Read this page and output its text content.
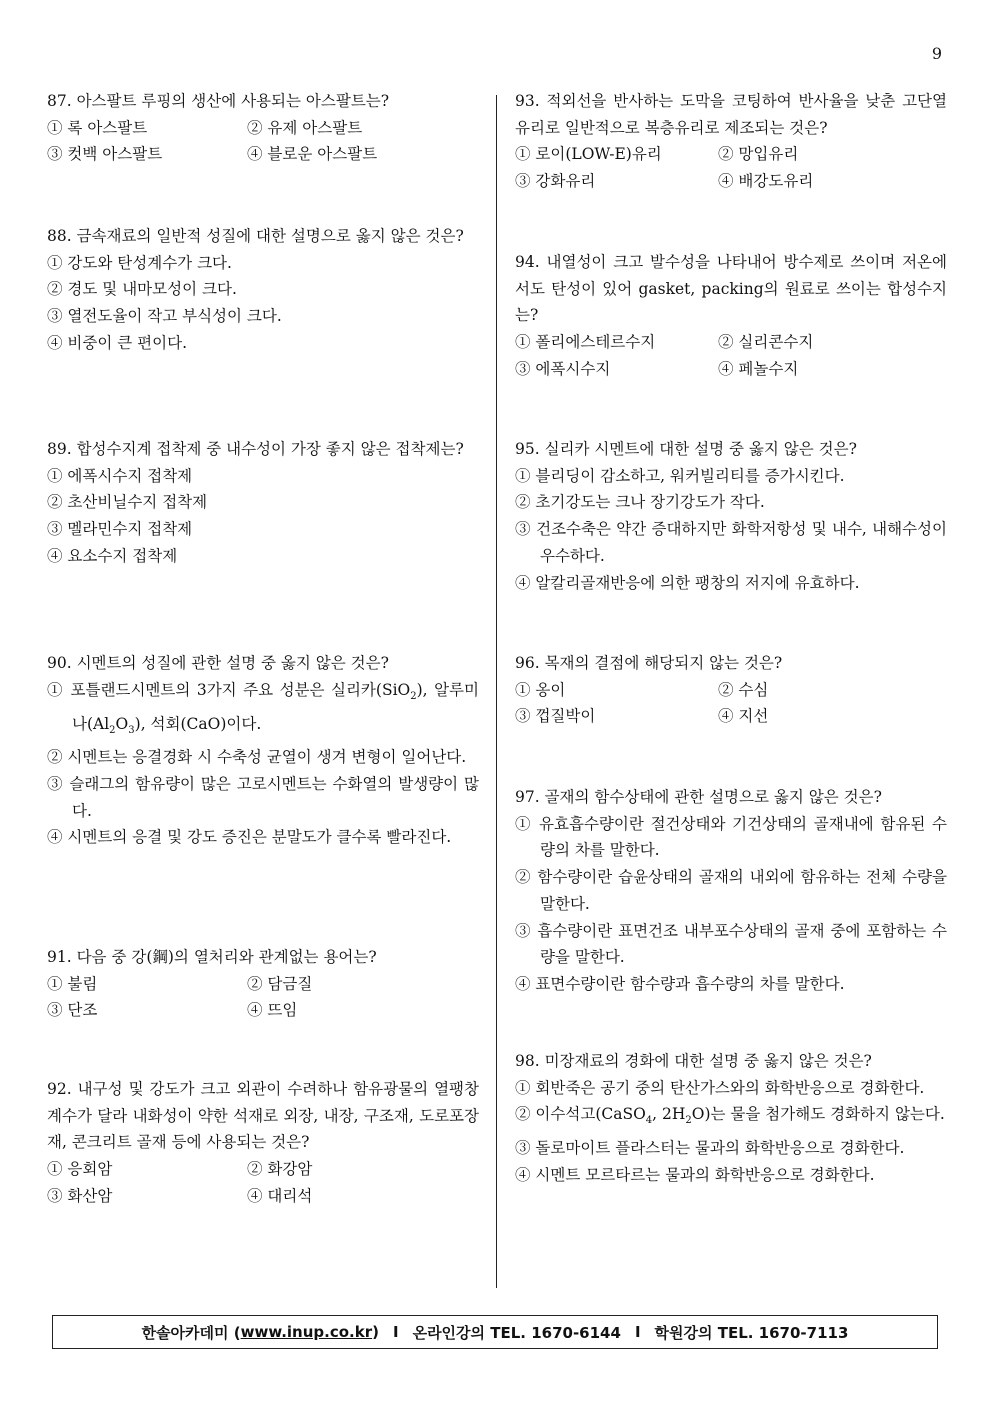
9
87. 아스팔트 루핑의 생산에 사용되는 아스팔트는?
① 록 아스팔트	② 유제 아스팔트
③ 컷백 아스팔트	④ 블로운 아스팔트
88. 금속재료의 일반적 성질에 대한 설명으로 옳지 않은 것은?
① 강도와 탄성계수가 크다.
② 경도 및 내마모성이 크다.
③ 열전도율이 작고 부식성이 크다.
④ 비중이 큰 편이다.
89. 합성수지계 접착제 중 내수성이 가장 좋지 않은 접착제는?
① 에폭시수지 접착제
② 초산비닐수지 접착제
③ 멜라민수지 접착제
④ 요소수지 접착제
90. 시멘트의 성질에 관한 설명 중 옳지 않은 것은?
① 포틀랜드시멘트의 3가지 주요 성분은 실리카(SiO$_2$), 알루미나$(Al_2O_3)$, 석회(CaO)이다.
② 시멘트는 응결경화 시 수축성 균열이 생겨 변형이 일어난다.
③ 슬래그의 함유량이 많은 고로시멘트는 수화열의 발생량이 많다.
④ 시멘트의 응결 및 강도 증진은 분말도가 클수록 빨라진다.
91. 다음 중 강(鋼)의 열처리와 관계없는 용어는?
① 불림	② 담금질
③ 단조	④ 뜨임
92. 내구성 및 강도가 크고 외관이 수려하나 함유광물의 열팽창계수가 달라 내화성이 약한 석재로 외장, 내장, 구조재, 도로포장재, 콘크리트 골재 등에 사용되는 것은?
① 응회암	② 화강암
③ 화산암	④ 대리석
93. 적외선을 반사하는 도막을 코팅하여 반사율을 낮춘 고단열 유리로 일반적으로 복층유리로 제조되는 것은?
① 로이(LOW-E)유리	② 망입유리
③ 강화유리	④ 배강도유리
94. 내열성이 크고 발수성을 나타내어 방수제로 쓰이며 저온에서도 탄성이 있어 gasket, packing의 원료로 쓰이는 합성수지는?
① 폴리에스테르수지	② 실리콘수지
③ 에폭시수지	④ 페놀수지
95. 실리카 시멘트에 대한 설명 중 옳지 않은 것은?
① 블리딩이 감소하고, 워커빌리티를 증가시킨다.
② 초기강도는 크나 장기강도가 작다.
③ 건조수축은 약간 증대하지만 화학저항성 및 내수, 내해수성이 우수하다.
④ 알칼리골재반응에 의한 팽창의 저지에 유효하다.
96. 목재의 결점에 해당되지 않는 것은?
① 옹이	② 수심
③ 껍질박이	④ 지선
97. 골재의 함수상태에 관한 설명으로 옳지 않은 것은?
① 유효흡수량이란 절건상태와 기건상태의 골재내에 함유된 수량의 차를 말한다.
② 함수량이란 습윤상태의 골재의 내외에 함유하는 전체 수량을 말한다.
③ 흡수량이란 표면건조 내부포수상태의 골재 중에 포함하는 수량을 말한다.
④ 표면수량이란 함수량과 흡수량의 차를 말한다.
98. 미장재료의 경화에 대한 설명 중 옳지 않은 것은?
① 회반죽은 공기 중의 탄산가스와의 화학반응으로 경화한다.
② 이수석고(CaSO$_4$, $2H_2O$)는 물을 첨가해도 경화하지 않는다.
③ 돌로마이트 플라스터는 물과의 화학반응으로 경화한다.
④ 시멘트 모르타르는 물과의 화학반응으로 경화한다.
한솔아카데미 ( www.inup.co.kr ) I 온라인강의 TEL. 1670-6144 I 학원강의 TEL. 1670-7113
